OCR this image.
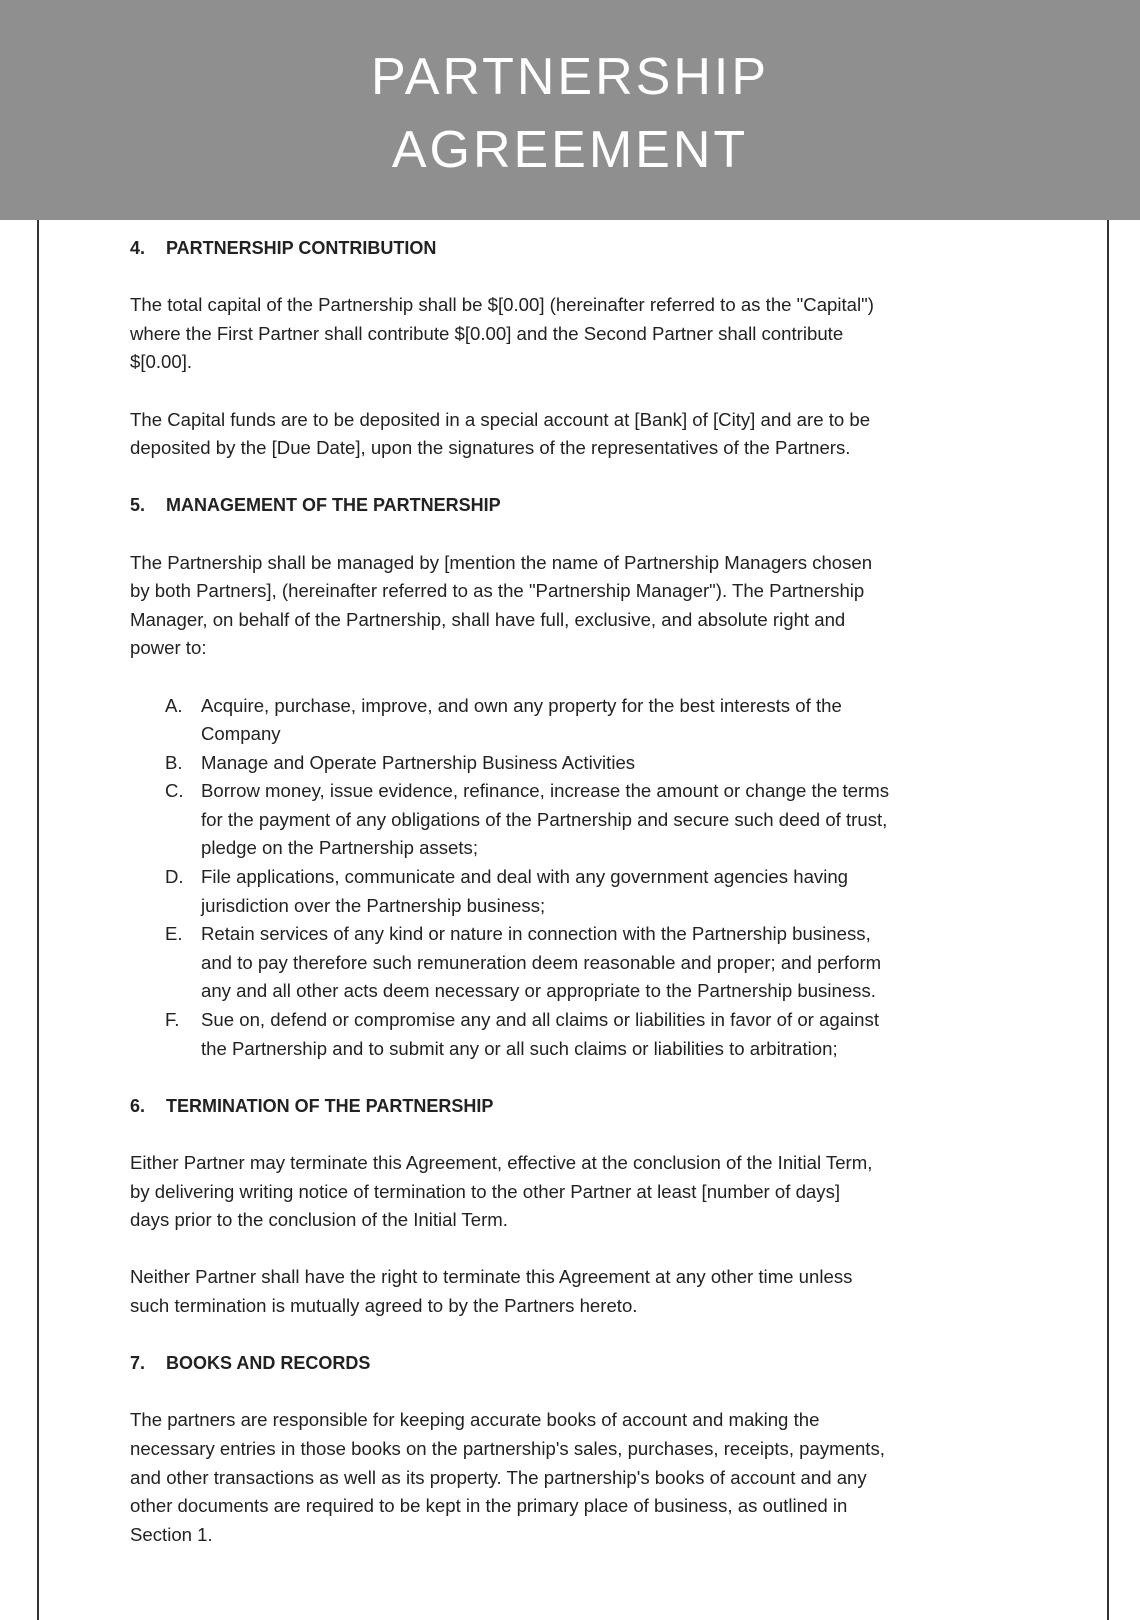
PARTNERSHIP
AGREEMENT
4. PARTNERSHIP CONTRIBUTION
The total capital of the Partnership shall be $[0.00] (hereinafter referred to as the "Capital")
where the First Partner shall contribute $[0.00] and the Second Partner shall contribute
$[0.00].
The Capital funds are to be deposited in a special account at [Bank] of [City] and are to be
deposited by the [Due Date], upon the signatures of the representatives of the Partners.
5. MANAGEMENT OF THE PARTNERSHIP
The Partnership shall be managed by [mention the name of Partnership Managers chosen
by both Partners], (hereinafter referred to as the "Partnership Manager"). The Partnership
Manager, on behalf of the Partnership, shall have full, exclusive, and absolute right and
power to:
A. Acquire, purchase, improve, and own any property for the best interests of the
Company
B. Manage and Operate Partnership Business Activities
C. Borrow money, issue evidence, refinance, increase the amount or change the terms
for the payment of any obligations of the Partnership and secure such deed of trust,
pledge on the Partnership assets;
D. File applications, communicate and deal with any government agencies having
jurisdiction over the Partnership business;
E. Retain services of any kind or nature in connection with the Partnership business,
and to pay therefore such remuneration deem reasonable and proper; and perform
any and all other acts deem necessary or appropriate to the Partnership business.
F.	Sue on, defend or compromise any and all claims or liabilities in favor of or against
the Partnership and to submit any or all such claims or liabilities to arbitration;
6. TERMINATION OF THE PARTNERSHIP
Either Partner may terminate this Agreement, effective at the conclusion of the Initial Term,
by delivering writing notice of termination to the other Partner at least [number of days]
days prior to the conclusion of the Initial Term.
Neither Partner shall have the right to terminate this Agreement at any other time unless
such termination is mutually agreed to by the Partners hereto.
7. BOOKS AND RECORDS
The partners are responsible for keeping accurate books of account and making the
necessary entries in those books on the partnership's sales, purchases, receipts, payments,
and other transactions as well as its property. The partnership's books of account and any
other documents are required to be kept in the primary place of business, as outlined in
Section 1.
